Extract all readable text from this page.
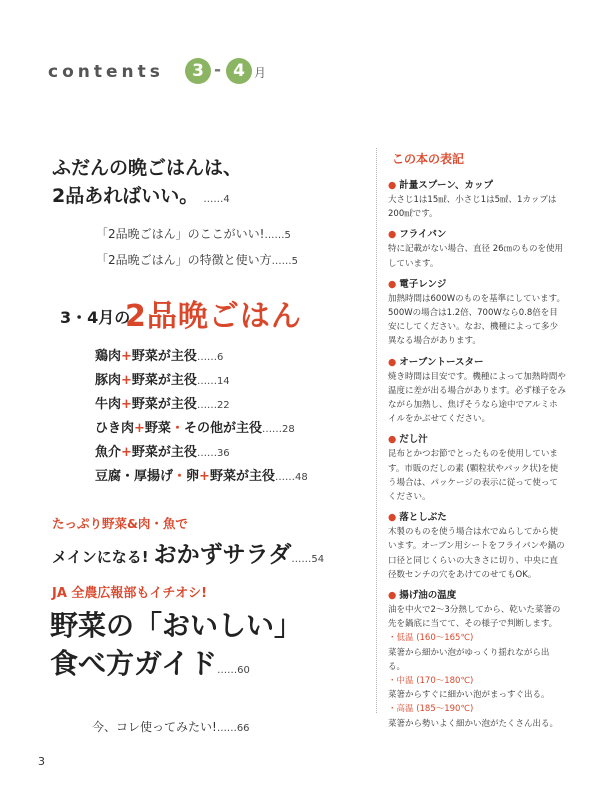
contents	3 - 4 月
ふだんの晩ごはんは、
2品あればいい。 ……4
「2品晩ごはん」のここがいい!……5
「2品晩ごはん」の特徴と使い方……5
3・4月の
2品晩ごはん
鶏肉+野菜が主役……6
豚肉+野菜が主役……14
牛肉+野菜が主役……22
ひき肉+野菜・その他が主役……28
魚介+野菜が主役……36
豆腐・厚揚げ・卵+野菜が主役……48
たっぷり野菜&肉・魚で
メインになる! おかずサラダ……54
JA 全農広報部もイチオシ!
野菜の「おいしい」
食べ方ガイド……60
今、コレ使ってみたい!……66
3
この本の表記
● 計量スプーン、カップ
大さじ1は15㎖、小さじ1は5㎖、1カップは200㎖です。
● フライパン
特に記載がない場合、直径 26㎝のものを使用しています。
● 電子レンジ
加熱時間は600Wのものを基準にしています。500Wの場合は1.2倍、700Wなら0.8倍を目安にしてください。なお、機種によって多少異なる場合があります。
● オーブントースター
焼き時間は目安です。機種によって加熱時間や温度に差が出る場合があります。必ず様子をみながら加熱し、焦げそうなら途中でアルミホイルをかぶせてください。
● だし汁
昆布とかつお節でとったものを使用しています。市販のだしの素 (顆粒状やパック状)を使う場合は、パッケージの表示に従って使ってください。
● 落としぶた
木製のものを使う場合は水でぬらしてから使います。オーブン用シートをフライパンや鍋の口径と同じくらいの大きさに切り、中央に直径数センチの穴をあけてのせてもOK。
● 揚げ油の温度
油を中火で2〜3分熱してから、乾いた菜箸の先を鍋底に当てて、その様子で判断します。
・低温 (160〜165℃)
菜箸から細かい泡がゆっくり揺れながら出る。
・中温 (170〜180℃)
菜箸からすぐに細かい泡がまっすぐ出る。
・高温 (185〜190℃)
菜箸から勢いよく細かい泡がたくさん出る。
